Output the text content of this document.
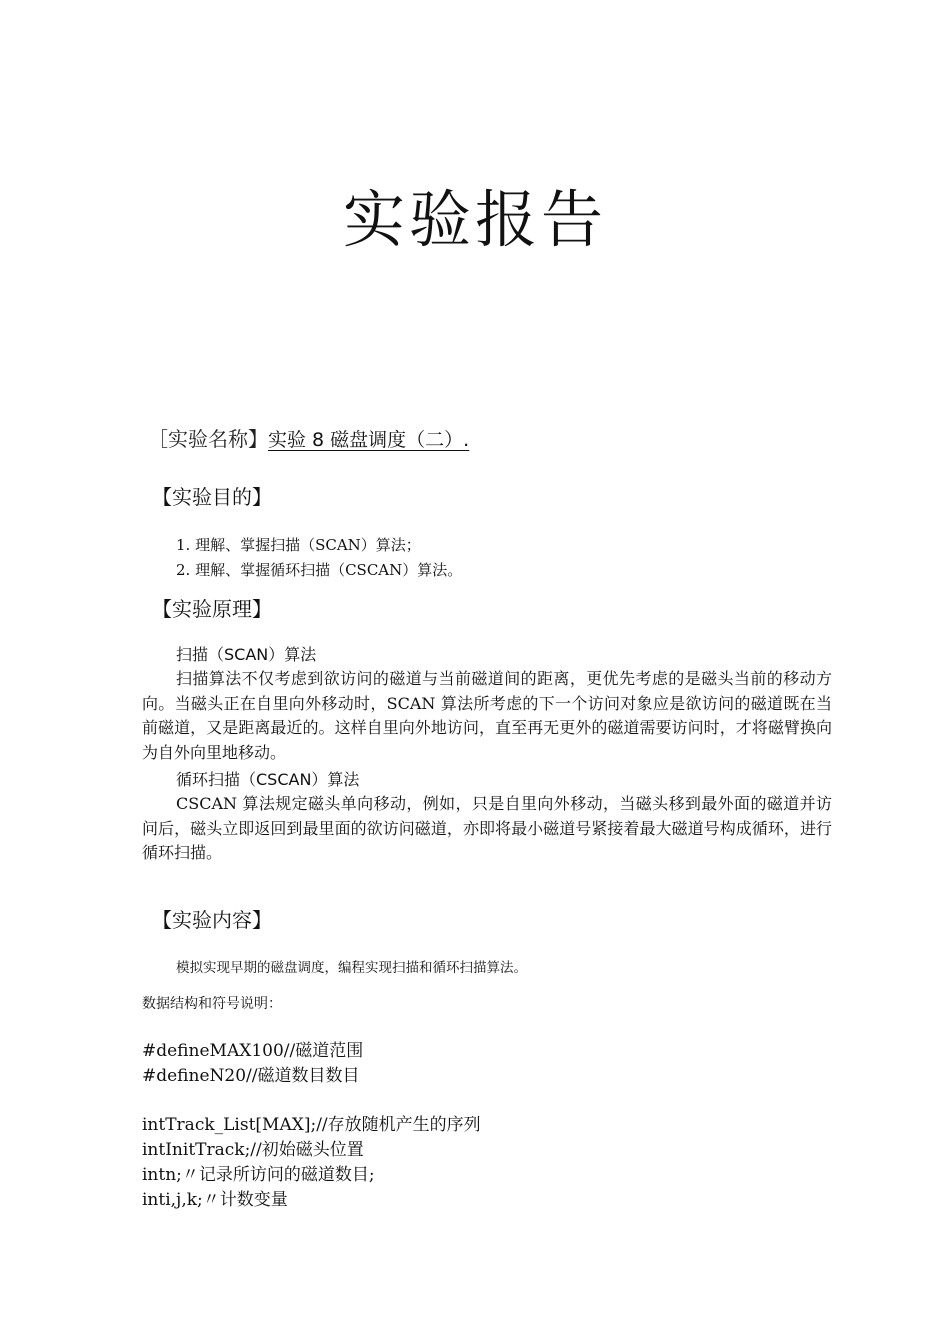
实验报告
［实验名称】实验 8 磁盘调度（二）.
【实验目的】
1. 理解、掌握扫描（SCAN）算法；
2. 理解、掌握循环扫描（CSCAN）算法。
【实验原理】
扫描（SCAN）算法
扫描算法不仅考虑到欲访问的磁道与当前磁道间的距离，更优先考虑的是磁头当前的移动方向。当磁头正在自里向外移动时，SCAN 算法所考虑的下一个访问对象应是欲访问的磁道既在当前磁道，又是距离最近的。这样自里向外地访问，直至再无更外的磁道需要访问时，才将磁臂换向为自外向里地移动。
循环扫描（CSCAN）算法
CSCAN 算法规定磁头单向移动，例如，只是自里向外移动，当磁头移到最外面的磁道并访问后，磁头立即返回到最里面的欲访问磁道，亦即将最小磁道号紧接着最大磁道号构成循环，进行循环扫描。
【实验内容】
模拟实现早期的磁盘调度，编程实现扫描和循环扫描算法。
数据结构和符号说明：
#defineMAX100//磁道范围
#defineN20//磁道数目数目
intTrack_List[MAX];//存放随机产生的序列
intInitTrack;//初始磁头位置
intn;〃记录所访问的磁道数目;
inti,j,k;〃计数变量
